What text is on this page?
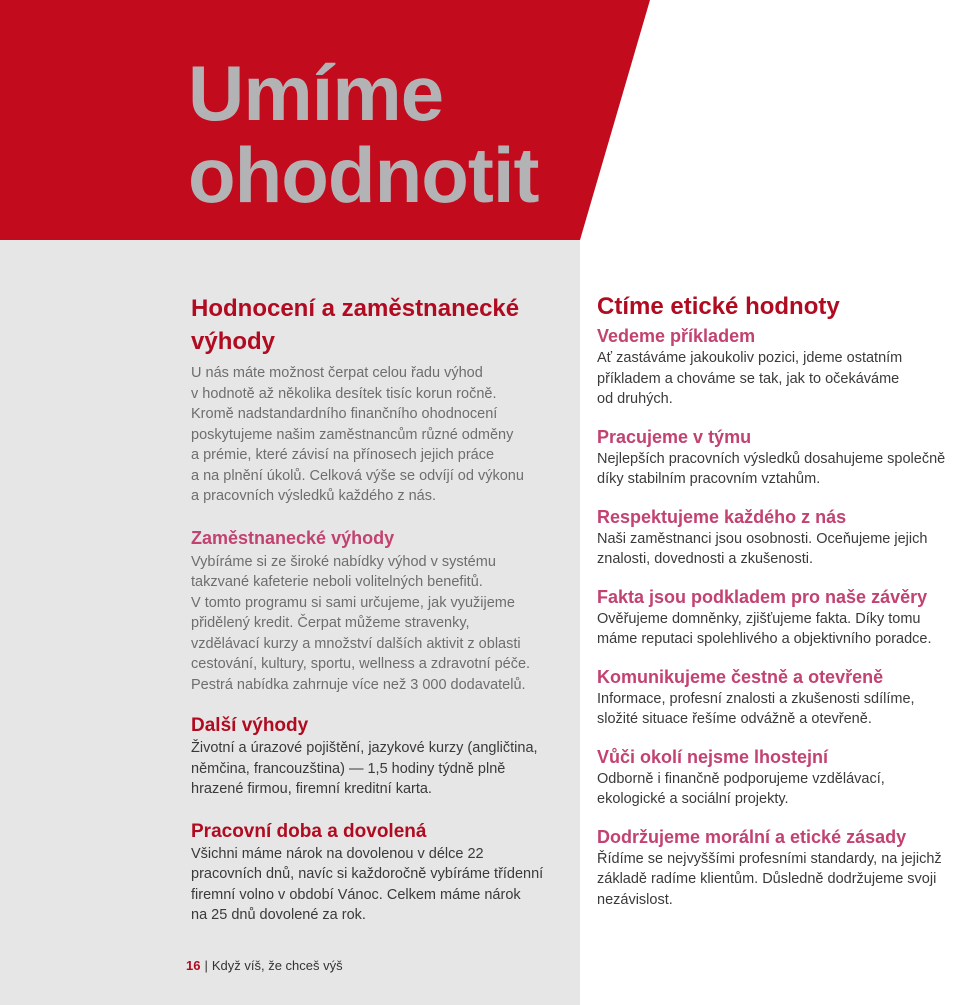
Umíme
ohodnotit
Hodnocení a zaměstnanecké
výhody

U nás máte možnost čerpat celou řadu výhod
v hodnotě až několika desítek tisíc korun ročně.
Kromě nadstandardního finančního ohodnocení
poskytujeme našim zaměstnancům různé odměny
a prémie, které závisí na přínosech jejich práce
a na plnění úkolů. Celková výše se odvíjí od výkonu
a pracovních výsledků každého z nás.

Zaměstnanecké výhody

Vybíráme si ze široké nabídky výhod v systému
takzvané kafeterie neboli volitelných benefitů.
V tomto programu si sami určujeme, jak využijeme
přidělený kredit. Čerpat můžeme stravenky,
vzdělávací kurzy a množství dalších aktivit z oblasti
cestování, kultury, sportu, wellness a zdravotní péče.
Pestrá nabídka zahrnuje více než 3 000 dodavatelů.

Další výhody

Životní a úrazové pojištění, jazykové kurzy (angličtina,
němčina, francouzština) — 1,5 hodiny týdně plně
hrazené firmou, firemní kreditní karta.

Pracovní doba a dovolená

Všichni máme nárok na dovolenou v délce 22
pracovních dnů, navíc si každoročně vybíráme třídenní
firemní volno v období Vánoc. Celkem máme nárok
na 25 dnů dovolené za rok.

Ctíme etické hodnoty
Vedeme příkladem

Ať zastáváme jakoukoliv pozici, jdeme ostatním
příkladem a chováme se tak, jak to očekáváme
od druhých.

Pracujeme v týmu

Nejlepších pracovních výsledků dosahujeme společně
díky stabilním pracovním vztahům.

Respektujeme každého z nás

Naši zaměstnanci jsou osobnosti. Oceňujeme jejich
znalosti, dovednosti a zkušenosti.

Fakta jsou podkladem pro naše závěry

Ověřujeme domněnky, zjišťujeme fakta. Díky tomu
máme reputaci spolehlivého a objektivního poradce.

Komunikujeme čestně a otevřeně

Informace, profesní znalosti a zkušenosti sdílíme,
složité situace řešíme odvážně a otevřeně.

Vůči okolí nejsme lhostejní

Odborně i finančně podporujeme vzdělávací,
ekologické a sociální projekty.

Dodržujeme morální a etické zásady

Řídíme se nejvyššími profesními standardy, na jejichž
základě radíme klientům. Důsledně dodržujeme svoji
nezávislost.

16 | Když víš, že chceš výš
